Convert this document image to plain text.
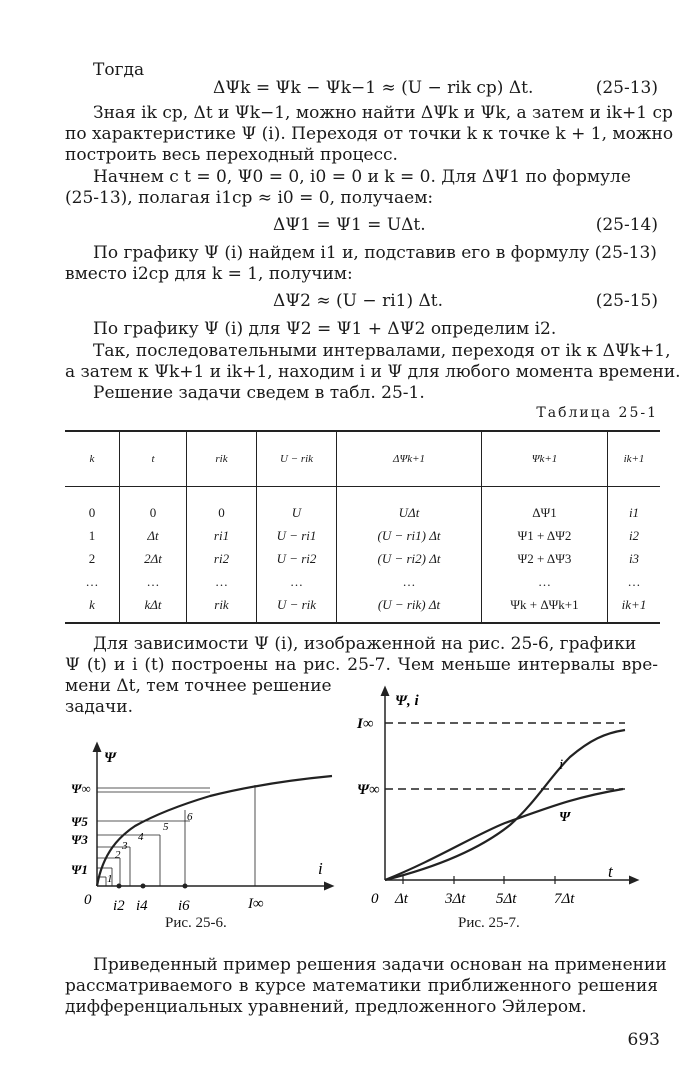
Тогда
ΔΨk = Ψk − Ψk−1 ≈ (U − rik ср) Δt.	(25-13)
Зная ik ср, Δt и Ψk−1, можно найти ΔΨk и Ψk, а затем и ik+1 ср
по характеристике Ψ (i). Переходя от точки k к точке k + 1, можно
построить весь переходный процесс.
Начнем с t = 0, Ψ0 = 0, i0 = 0 и k = 0. Для ΔΨ1 по формуле
(25-13), полагая i1ср ≈ i0 = 0, получаем:
ΔΨ1 = Ψ1 = UΔt.	(25-14)
По графику Ψ (i) найдем i1 и, подставив его в формулу (25-13)
вместо i2ср для k = 1, получим:
ΔΨ2 ≈ (U − ri1) Δt.	(25-15)
По графику Ψ (i) для Ψ2 = Ψ1 + ΔΨ2 определим i2.
Так, последовательными интервалами, переходя от ik к ΔΨk+1,
а затем к Ψk+1 и ik+1, находим i и Ψ для любого момента времени.
Решение задачи сведем в табл. 25-1.
Таблица 25-1
k	t	rik	U − rik	ΔΨk+1	Ψk+1	ik+1
0	0	0	U	UΔt	ΔΨ1	i1
1	Δt	ri1	U − ri1	(U − ri1) Δt	Ψ1 + ΔΨ2	i2
2	2Δt	ri2	U − ri2	(U − ri2) Δt	Ψ2 + ΔΨ3	i3
…	…	…	…	…	…	…
k	kΔt	rik	U − rik	(U − rik) Δt	Ψk + ΔΨk+1	ik+1
Для зависимости Ψ (i), изображенной на рис. 25-6, графики
Ψ (t) и i (t) построены на рис. 25-7. Чем меньше интервалы вре-
мени Δt, тем точнее решение
задачи.
Ψ
i
0
Ψ∞
Ψ5
Ψ3
Ψ1
i2 i4 i6	I∞
1
2
3
4
5
6
Рис. 25-6.
Ψ, i
t
0
I∞
Ψ∞
Δt 3Δt 5Δt	7Δt
i
Ψ
Рис. 25-7.
Приведенный пример решения задачи основан на применении
рассматриваемого в курсе математики приближенного решения
дифференциальных уравнений, предложенного Эйлером.
693
